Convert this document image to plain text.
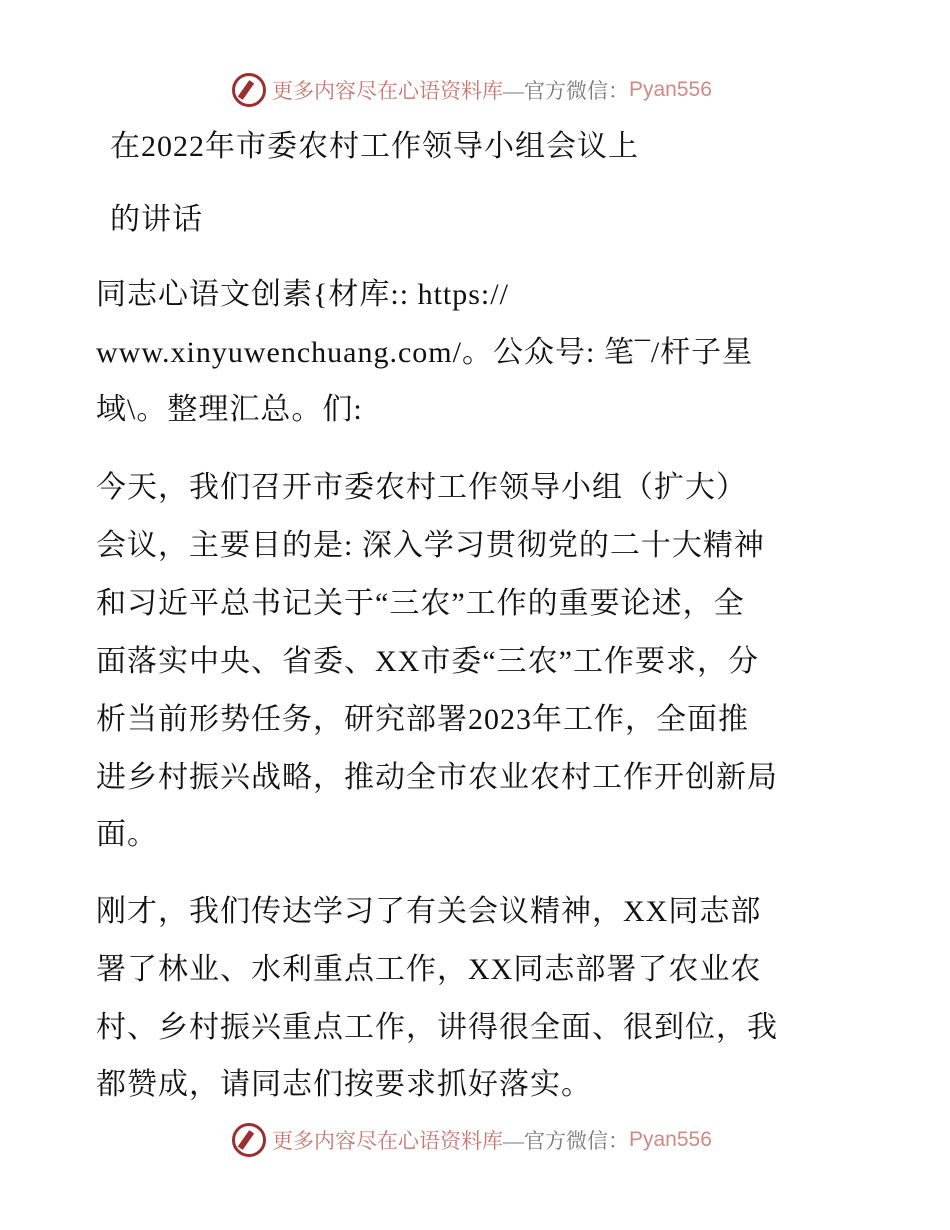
更多内容尽在心语资料库 —官方微信： Pyan556
在2022年市委农村工作领导小组会议上
的讲话
同志心语文创素{材库:: https://
www.xinyuwenchuang.com/。公众号: 笔¯/杆子星
域\。整理汇总。们:
今天，我们召开市委农村工作领导小组（扩大）
会议，主要目的是: 深入学习贯彻党的二十大精神
和习近平总书记关于“三农”工作的重要论述，全
面落实中央、省委、XX市委“三农”工作要求，分
析当前形势任务，研究部署2023年工作，全面推
进乡村振兴战略，推动全市农业农村工作开创新局
面。
刚才，我们传达学习了有关会议精神，XX同志部
署了林业、水利重点工作，XX同志部署了农业农
村、乡村振兴重点工作，讲得很全面、很到位，我
都赞成，请同志们按要求抓好落实。
更多内容尽在心语资料库 —官方微信： Pyan556
